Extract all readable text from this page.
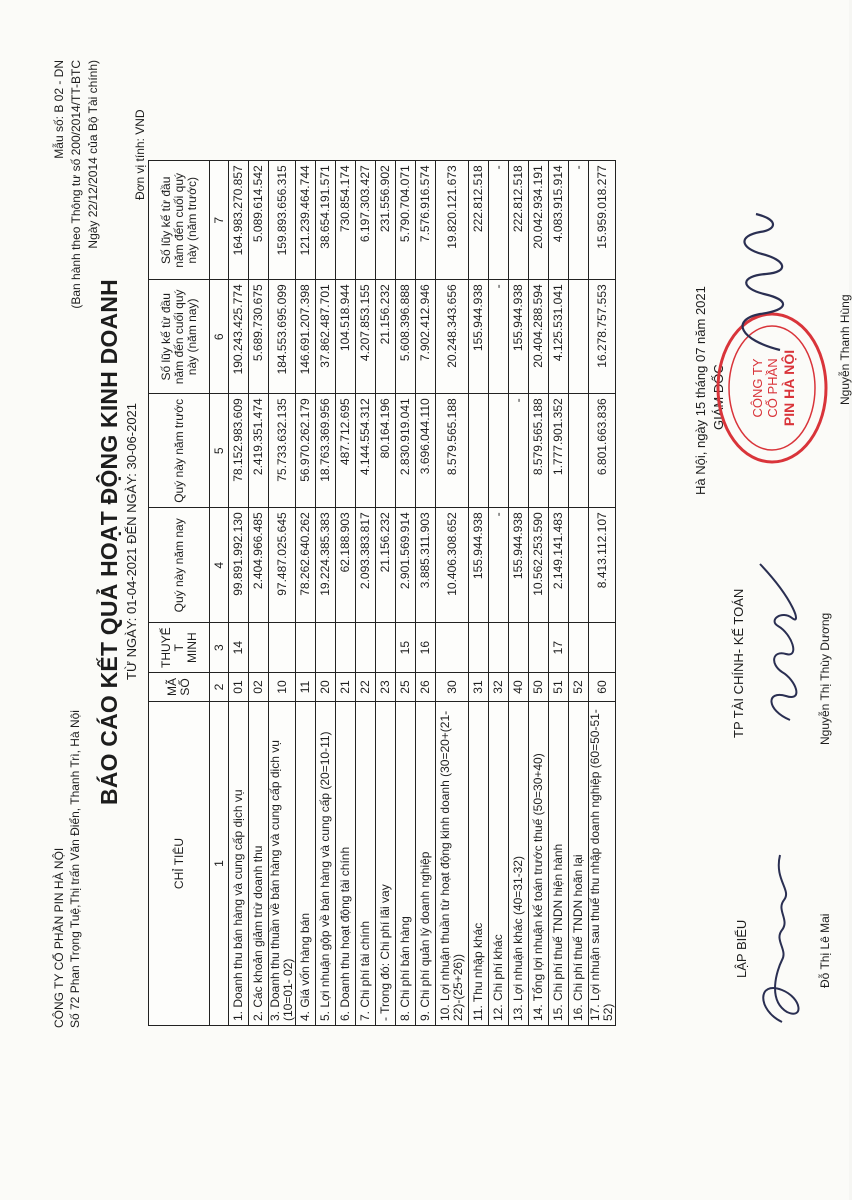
CÔNG TY CỔ PHẦN PIN HÀ NỘI Số 72 Phan Trọng Tuệ,Thị trấn Văn Điển, Thanh Trì, Hà Nội
Mẫu số: B 02 - DN (Ban hành theo Thông tư số 200/2014/TT-BTC Ngày 22/12/2014 của Bộ Tài chính)
BÁO CÁO KẾT QUẢ HOẠT ĐỘNG KINH DOANH TỪ NGÀY: 01-04-2021 ĐẾN NGÀY: 30-06-2021
Đơn vị tính: VND
CHỈ TIÊU	MÃ SỐ	THUYẾ T MINH	Quý này năm nay	Quý này năm trước	Số lũy kế từ đầu năm đến cuối quý này (năm nay)	Số lũy kế từ đầu năm đến cuối quý này (năm trước)
1	2	3	4	5	6	7
1. Doanh thu bán hàng và cung cấp dịch vụ	01	14	99.891.992.130	78.152.983.609	190.243.425.774	164.983.270.857
2. Các khoản giảm trừ doanh thu	02		2.404.966.485	2.419.351.474	5.689.730.675	5.089.614.542
3. Doanh thu thuần về bán hàng và cung cấp dịch vụ (10=01- 02)	10		97.487.025.645	75.733.632.135	184.553.695.099	159.893.656.315
4. Giá vốn hàng bán	11		78.262.640.262	56.970.262.179	146.691.207.398	121.239.464.744
5. Lợi nhuận gộp về bán hàng và cung cấp (20=10-11)	20		19.224.385.383	18.763.369.956	37.862.487.701	38.654.191.571
6. Doanh thu hoạt động tài chính	21		62.188.903	487.712.695	104.518.944	730.854.174
7. Chi phí tài chính	22		2.093.383.817	4.144.554.312	4.207.853.155	6.197.303.427
- Trong đó: Chi phí lãi vay	23		21.156.232	80.164.196	21.156.232	231.556.902
8. Chi phí bán hàng	25	15	2.901.569.914	2.830.919.041	5.608.396.888	5.790.704.071
9. Chi phí quản lý doanh nghiệp	26	16	3.885.311.903	3.696.044.110	7.902.412.946	7.576.916.574
10. Lợi nhuận thuần từ hoạt động kinh doanh (30=20+(21-22)-(25+26))	30		10.406.308.652	8.579.565.188	20.248.343.656	19.820.121.673
11. Thu nhập khác	31		155.944.938		155.944.938	222.812.518
12. Chi phí khác	32		-		-	-
13. Lợi nhuận khác (40=31-32)	40		155.944.938	-	155.944.938	222.812.518
14. Tổng lợi nhuận kế toán trước thuế (50=30+40)	50		10.562.253.590	8.579.565.188	20.404.288.594	20.042.934.191
15. Chi phí thuế TNDN hiện hành	51	17	2.149.141.483	1.777.901.352	4.125.531.041	4.083.915.914
16. Chi phí thuế TNDN hoãn lại	52					-
17. Lợi nhuận sau thuế thu nhập doanh nghiệp (60=50-51-52)	60		8.413.112.107	6.801.663.836	16.278.757.553	15.959.018.277
Hà Nội, ngày 15 tháng 07 năm 2021
LẬP BIỂU	Đỗ Thị Lê Mai
TP TÀI CHÍNH- KẾ TOÁN	Nguyễn Thị Thùy Dương
GIÁM ĐỐC CÔNG TY CỔ PHẦN PIN HÀ NỘI	Nguyễn Thanh Hùng
